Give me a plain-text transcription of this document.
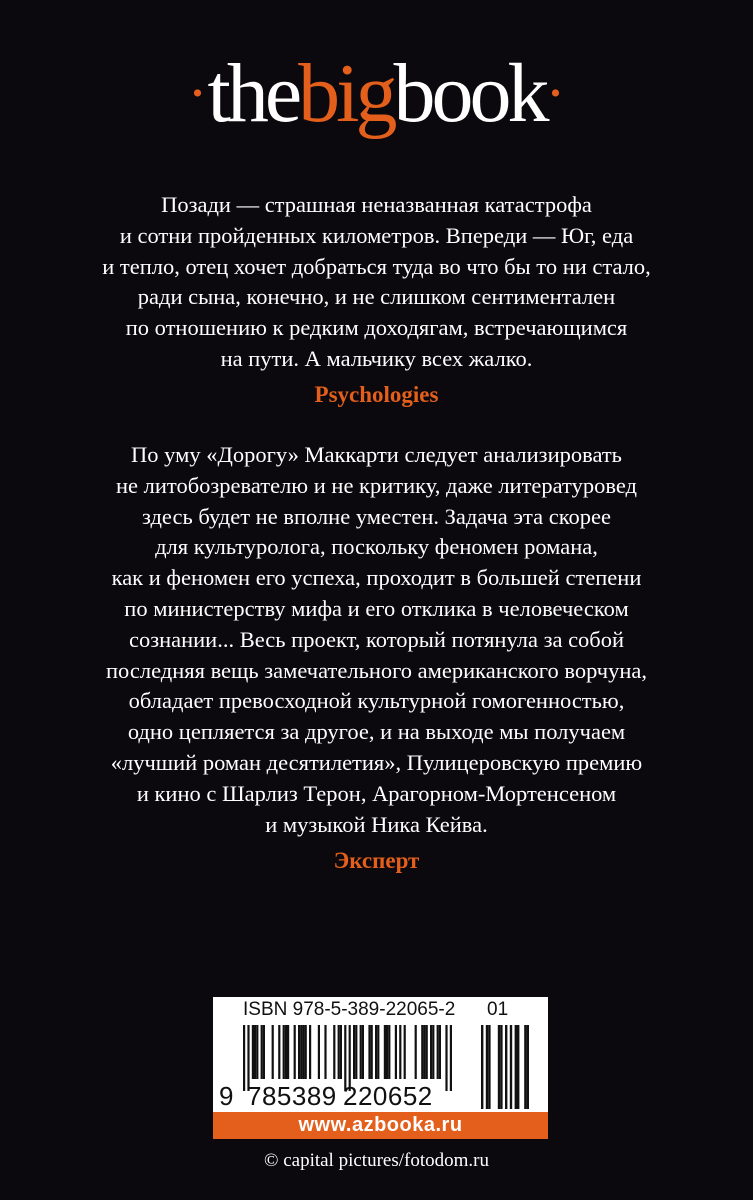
·thebigbook·
Позади — страшная неназванная катастрофа
и сотни пройденных километров. Впереди — Юг, еда
и тепло, отец хочет добраться туда во что бы то ни стало,
ради сына, конечно, и не слишком сентиментален
по отношению к редким доходягам, встречающимся
на пути. А мальчику всех жалко.
Psychologies
По уму «Дорогу» Маккарти следует анализировать
не литобозревателю и не критику, даже литературовед
здесь будет не вполне уместен. Задача эта скорее
для культуролога, поскольку феномен романа,
как и феномен его успеха, проходит в большей степени
по министерству мифа и его отклика в человеческом
сознании... Весь проект, который потянула за собой
последняя вещь замечательного американского ворчуна,
обладает превосходной культурной гомогенностью,
одно цепляется за другое, и на выходе мы получаем
«лучший роман десятилетия», Пулицеровскую премию
и кино с Шарлиз Терон, Арагорном-Мортенсеном
и музыкой Ника Кейва.
Эксперт
ISBN 978-5-389-22065-2 01
9 785389 220652
www.azbooka.ru
© capital pictures/fotodom.ru
